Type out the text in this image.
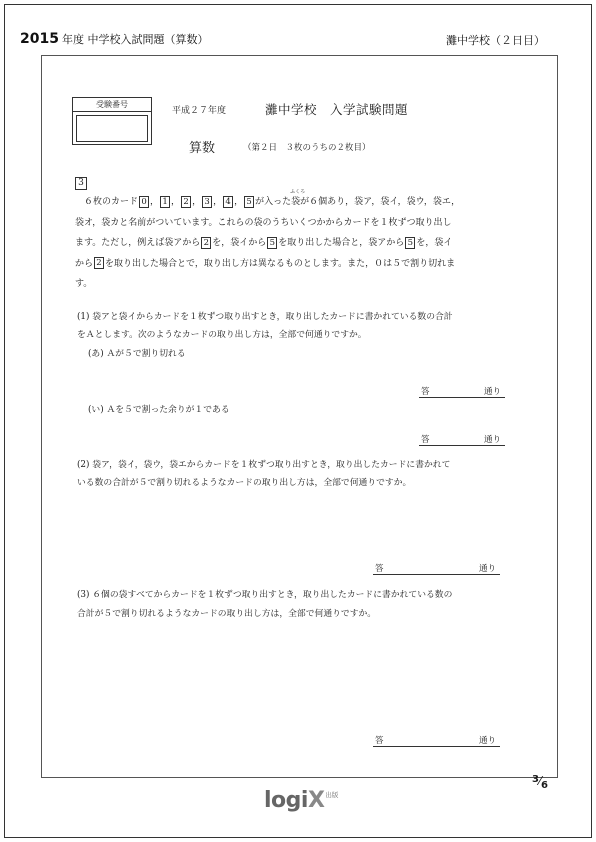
2015 年度 中学校入試問題（算数）	灘中学校（２日目）
受験番号
平成２７年度	灘中学校　入学試験問題
算数	（第２日　３枚のうちの２枚目）
3
　６枚のカード 0 ， 1 ， 2 ， 3 ， 4 ， 5 が入った袋
ふくろ
が６個あり，袋ア，袋イ，袋ウ，袋エ，
袋オ，袋カと名前がついています。これらの袋のうちいくつかからカードを１枚ずつ取り出し
ます。ただし，例えば袋アから 2 を，袋イから 5 を取り出した場合と，袋アから 5 を，袋イ
から 2 を取り出した場合とで，取り出し方は異なるものとします。また，０は５で割り切れま
す。
(1) 袋アと袋イからカードを１枚ずつ取り出すとき，取り出したカードに書かれている数の合計
をＡとします。次のようなカードの取り出し方は，全部で何通りですか。
(あ) Ａが５で割り切れる
答	通り
(い) Ａを５で割った余りが１である
答	通り
(2) 袋ア，袋イ，袋ウ，袋エからカードを１枚ずつ取り出すとき，取り出したカードに書かれて
いる数の合計が５で割り切れるようなカードの取り出し方は，全部で何通りですか。
答	通り
(3) ６個の袋すべてからカードを１枚ずつ取り出すとき，取り出したカードに書かれている数の
合計が５で割り切れるようなカードの取り出し方は，全部で何通りですか。
答	通り
3⁄6
logiX出版
